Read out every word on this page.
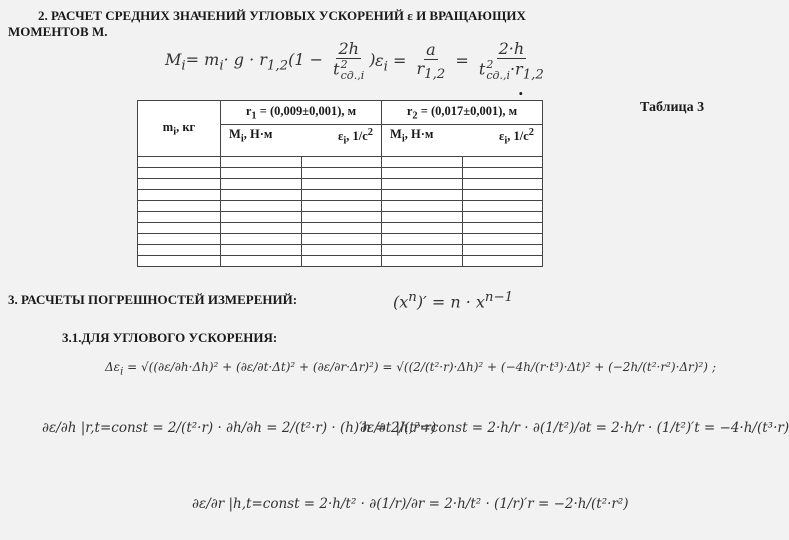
2. РАСЧЕТ СРЕДНИХ ЗНАЧЕНИЙ УГЛОВЫХ УСКОРЕНИЙ ε И ВРАЩАЮЩИХ
МОМЕНТОВ М.
$M_i= m_i\cdot g \cdot r_{1,2}(1 - 2h$
t 2
сд.,i ) $\varepsilon_i = \frac{a}{r_{1,2}} = 2\cdot h$
t 2
$сд.,i \cdot r_{1,2}$
.
Таблица 3
$m_i$, кг	$r_1 = (0,009\pm 0,001)$, м		$r_2 = (0,017\pm 0,001)$, м	

	$M_i$, Н·м $\varepsilon_i$, $1/с^2$		$M_i$, Н·м $\varepsilon_i$, $1/с^2$

3. РАСЧЕТЫ ПОГРЕШНОСТЕЙ ИЗМЕРЕНИЙ:	$(x^n)' = n \cdot x^{n-1}$
3.1.ДЛЯ УГЛОВОГО УСКОРЕНИЯ:
$\Delta\varepsilon_i = √((\partial\varepsilon/\partial h\cdot\Delta h)^2 + (\partial\varepsilon/\partial t\cdot\Delta t)^2 + (\partial\varepsilon/\partial r\cdot\Delta r)^2) = √((2/(t^2\cdot r)\cdot\Delta h)^2 + (-4h/(r\cdot t^3)\cdot\Delta t)^2 + (-2h/(t^2\cdot r^2)\cdot\Delta r)^2)$ ;
∂ε/∂h |r,t=const = 2/(t²·r) · ∂h/∂h = 2/(t²·r) · (h)′h = 2/(t²·r)
∂ε/∂t |h,r=const = 2·h/r · ∂(1/t²)/∂t = 2·h/r · (1/t²)′t = −4·h/(t³·r)
∂ε/∂r |h,t=const = 2·h/t² · ∂(1/r)/∂r = 2·h/t² · (1/r)′r = −2·h/(t²·r²)
